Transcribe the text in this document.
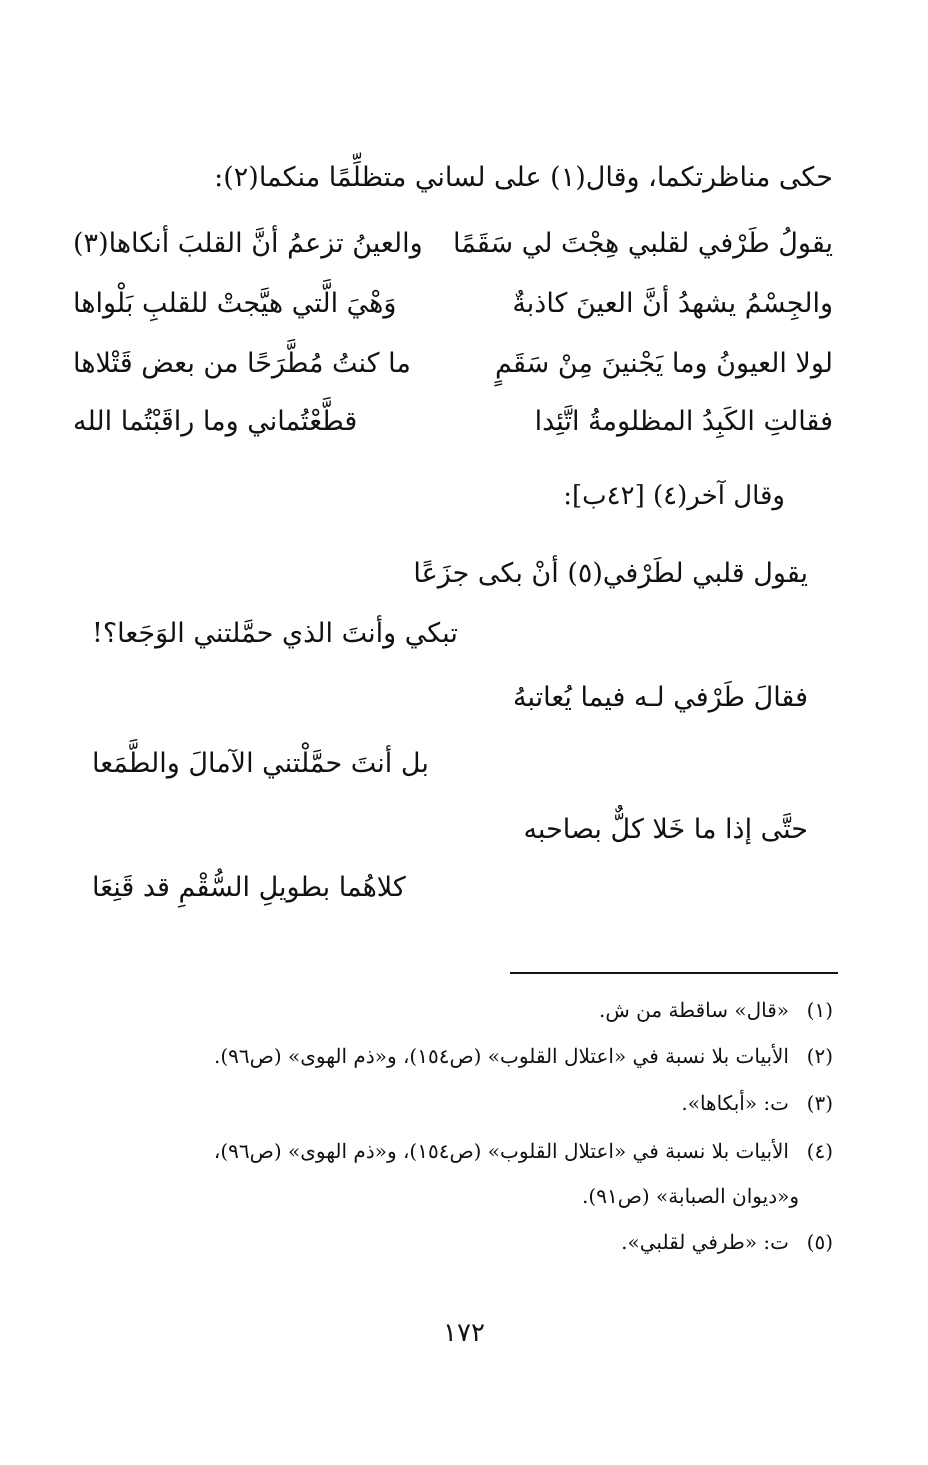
حكى مناظرتكما، وقال(١) على لساني متظلِّمًا منكما(٢):
يقولُ طَرْفي لقلبي هِجْتَ لي سَقَمًا
والعينُ تزعمُ أنَّ القلبَ أنكاها(٣)
والجِسْمُ يشهدُ أنَّ العينَ كاذبةٌ
وَهْيَ الَّتي هيَّجتْ للقلبِ بَلْواها
لولا العيونُ وما يَجْنينَ مِنْ سَقَمٍ
ما كنتُ مُطَّرَحًا من بعض قَتْلاها
فقالتِ الكَبِدُ المظلومةُ اتَّئِدا
قطَّعْتُماني وما راقَبْتُما الله
وقال آخر(٤) [٤٢ب]:
يقول قلبي لطَرْفي(٥) أنْ بكى جزَعًا
تبكي وأنتَ الذي حمَّلتني الوَجَعا؟!
فقالَ طَرْفي لـه فيما يُعاتبهُ
بل أنتَ حمَّلْتني الآمالَ والطَّمَعا
حتَّى إذا ما خَلا كلٌّ بصاحبه
كلاهُما بطويلِ السُّقْمِ قد قَنِعَا
(١)
«قال» ساقطة من ش.
(٢)
الأبيات بلا نسبة في «اعتلال القلوب» (ص١٥٤)، و«ذم الهوى» (ص٩٦).
(٣)
ت: «أبكاها».
(٤)
الأبيات بلا نسبة في «اعتلال القلوب» (ص١٥٤)، و«ذم الهوى» (ص٩٦)،
و«ديوان الصبابة» (ص٩١).
(٥)
ت: «طرفي لقلبي».
١٧٢
